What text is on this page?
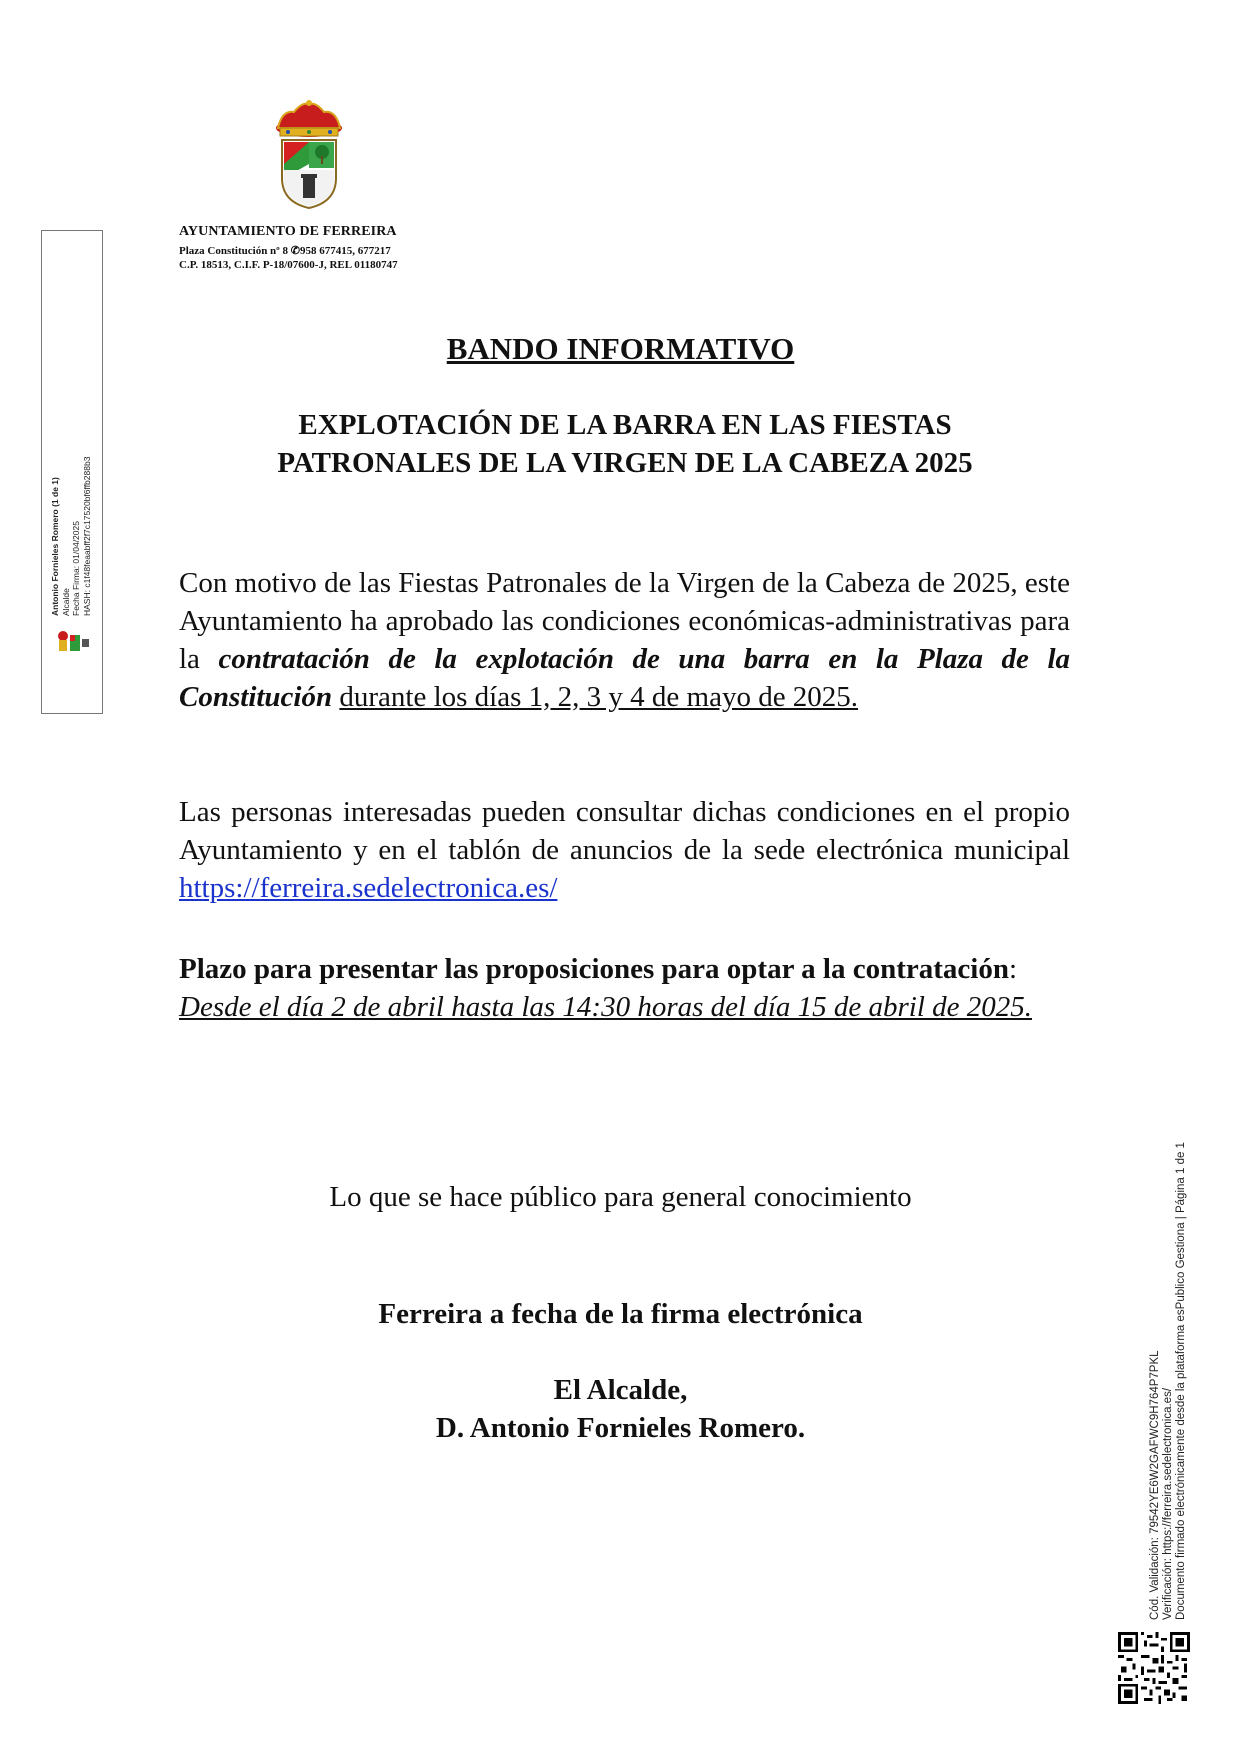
AYUNTAMIENTO DE FERREIRA
Plaza Constitución nº 8 ✆958 677415, 677217
C.P. 18513, C.I.F. P-18/07600-J, REL 01180747
Antonio Fornieles Romero (1 de 1) Alcalde Fecha Firma: 01/04/2025 HASH: c1f48feaabff2f7c17520bf6ffb288b3
BANDO INFORMATIVO
EXPLOTACIÓN DE LA BARRA EN LAS FIESTAS
PATRONALES DE LA VIRGEN DE LA CABEZA 2025
Con motivo de las Fiestas Patronales de la Virgen de la Cabeza de 2025, este Ayuntamiento ha aprobado las condiciones económicas-administrativas para la contratación de la explotación de una barra en la Plaza de la Constitución durante los días 1, 2, 3 y 4 de mayo de 2025.
Las personas interesadas pueden consultar dichas condiciones en el propio Ayuntamiento y en el tablón de anuncios de la sede electrónica municipal https://ferreira.sedelectronica.es/
Plazo para presentar las proposiciones para optar a la contratación:
Desde el día 2 de abril hasta las 14:30 horas del día 15 de abril de 2025.
Lo que se hace público para general conocimiento
Ferreira a fecha de la firma electrónica
El Alcalde,
D. Antonio Fornieles Romero.	Cód. Validación: 79542YE6W2GAFWC9H764P7PKL Verificación: https://ferreira.sedelectronica.es/ Documento firmado electrónicamente desde la plataforma esPublico Gestiona | Página 1 de 1
